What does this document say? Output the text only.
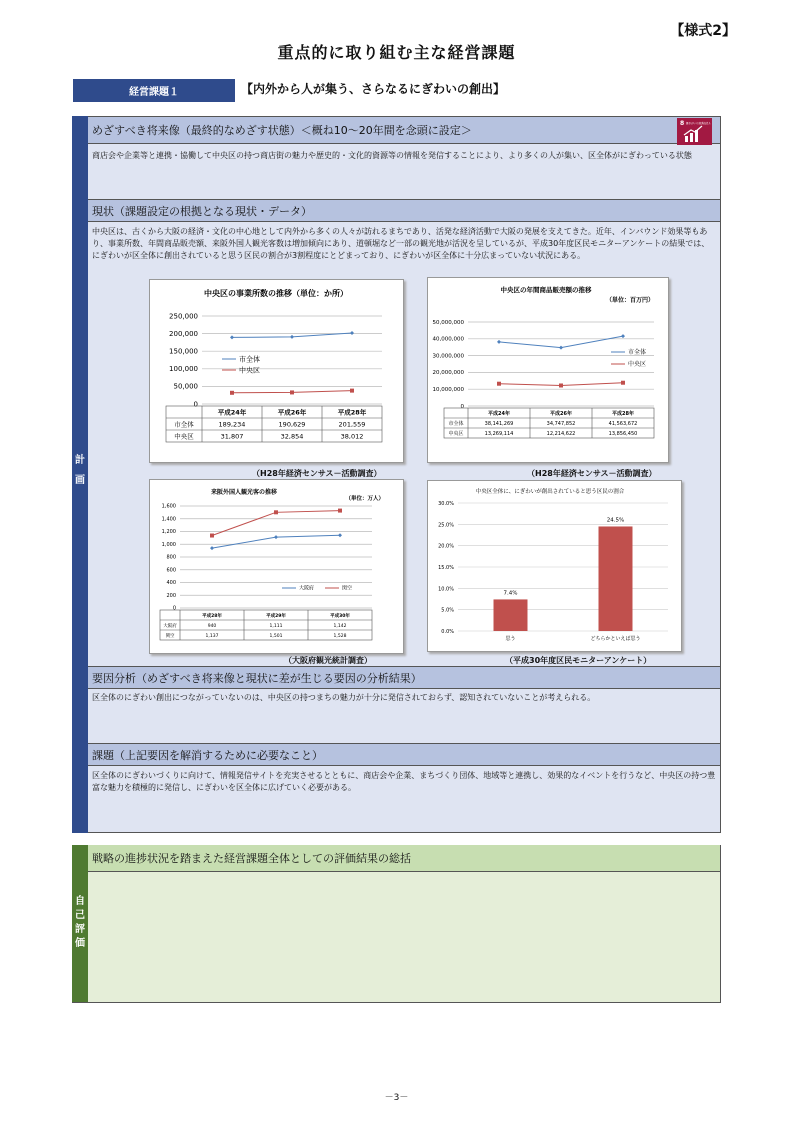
【様式2】
重点的に取り組む主な経営課題
経営課題１	【内外から人が集う、さらなるにぎわいの創出】
計
画
めざすべき将来像（最終的なめざす状態）＜概ね10～20年間を念頭に設定＞
8 働きがいも経済成長も
商店会や企業等と連携・協働して中央区の持つ商店街の魅力や歴史的・文化的資源等の情報を発信することにより、より多くの人が集い、区全体がにぎわっている状態
現状（課題設定の根拠となる現状・データ）
中央区は、古くから大阪の経済・文化の中心地として内外から多くの人々が訪れるまちであり、活発な経済活動で大阪の発展を支えてきた。近年、インバウンド効果等もあり、事業所数、年間商品販売額、来阪外国人観光客数は増加傾向にあり、道頓堀など一部の観光地が活況を呈しているが、平成30年度区民モニターアンケートの結果では、にぎわいが区全体に創出されていると思う区民の割合が3割程度にとどまっており、にぎわいが区全体に十分広まっていない状況にある。
中央区の事業所数の推移（単位：か所）
250,000
200,000
150,000
100,000
50,000
0
市全体
中央区
平成24年	平成26年	平成28年
市全体	189,234	190,629	201,559
中央区	31,807	32,854	38,012
（H28年経済センサス－活動調査）
中央区の年間商品販売額の推移
（単位：百万円）
50,000,000
40,000,000
30,000,000
20,000,000
10,000,000
0
市全体
中央区
平成24年	平成26年	平成28年
市全体	38,141,269	34,747,852	41,563,672
中央区	13,269,114	12,214,622	13,856,450
（H28年経済センサス－活動調査）
来阪外国人観光客の推移
（単位：万人）
1,600
1,400
1,200
1,000
800
600
400
200
0
大阪府	関空
平成28年	平成29年	平成30年
大阪府	940	1,111	1,142
関空	1,137	1,501	1,528
（大阪府観光統計調査）
中央区全体に、にぎわいが創出されていると思う区民の割合
30.0%
25.0%
20.0%
15.0%
10.0%
5.0%
0.0%
7.4%
思う
24.5%
どちらかといえば思う
（平成30年度区民モニターアンケート）
要因分析（めざすべき将来像と現状に差が生じる要因の分析結果）
区全体のにぎわい創出につながっていないのは、中央区の持つまちの魅力が十分に発信されておらず、認知されていないことが考えられる。
課題（上記要因を解消するために必要なこと）
区全体のにぎわいづくりに向けて、情報発信サイトを充実させるとともに、商店会や企業、まちづくり団体、地域等と連携し、効果的なイベントを行うなど、中央区の持つ豊富な魅力を積極的に発信し、にぎわいを区全体に広げていく必要がある。
自
己
評
価
戦略の進捗状況を踏まえた経営課題全体としての評価結果の総括
－3－
